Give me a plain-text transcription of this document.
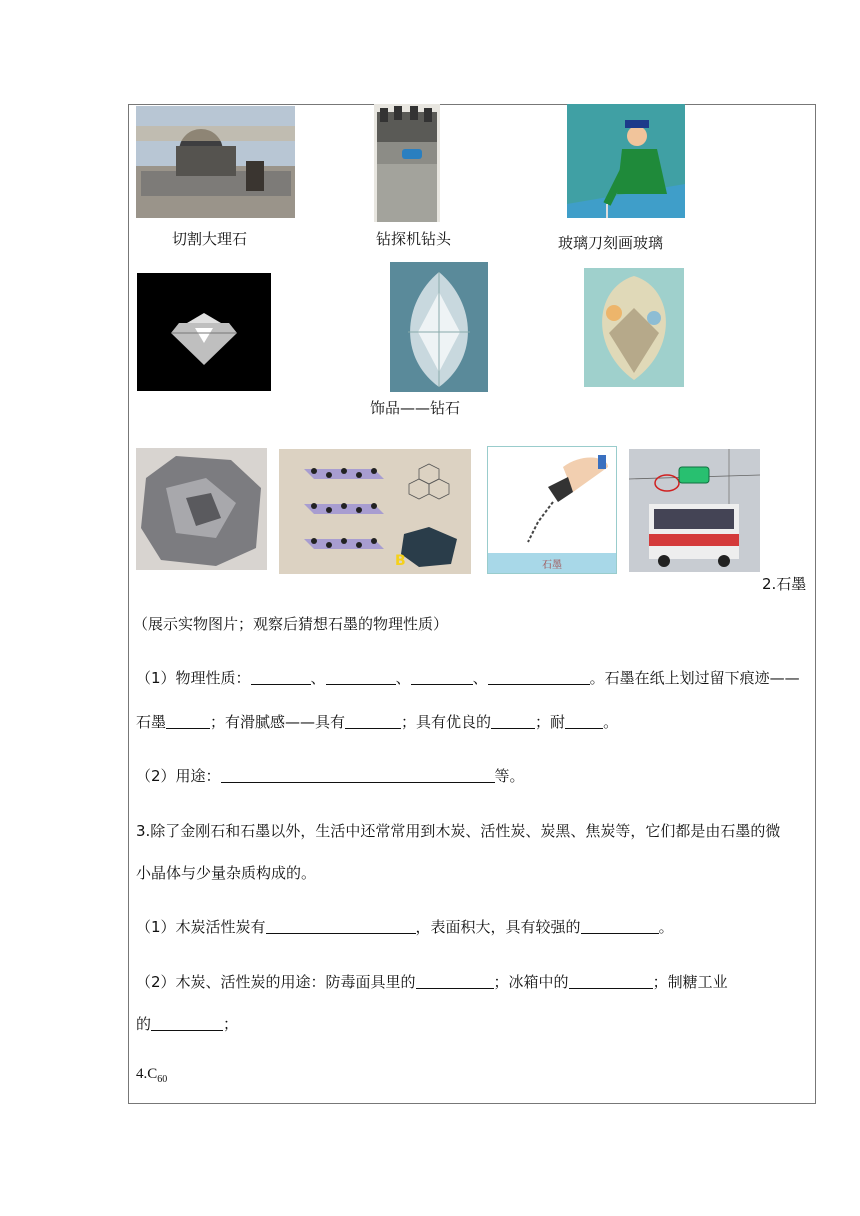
切割大理石	钻探机钻头	玻璃刀刻画玻璃
饰品——钻石
B	石墨
2.石墨
（展示实物图片；观察后猜想石墨的物理性质）
（1）物理性质：	、	、	、	。石墨在纸上划过留下痕迹——
石墨	；有滑腻感——具有	；具有优良的	；耐	。
（2）用途：	等。
3.除了金刚石和石墨以外，生活中还常常用到木炭、活性炭、炭黑、焦炭等，它们都是由石墨的微
小晶体与少量杂质构成的。
（1）木炭活性炭有	，表面积大，具有较强的	。
（2）木炭、活性炭的用途：防毒面具里的	；冰箱中的	；制糖工业
的	；
$4.C_{60}$
